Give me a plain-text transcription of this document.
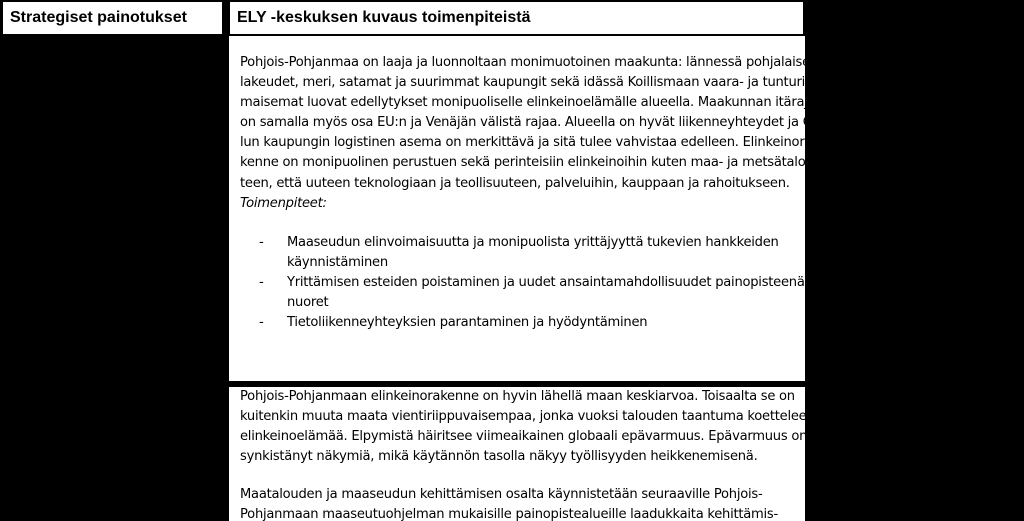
Strategiset painotukset	ELY -keskuksen kuvaus toimenpiteistä
Pohjois-Pohjanmaa on laaja ja luonnoltaan monimuotoinen maakunta: lännessä pohjalaiset
lakeudet, meri, satamat ja suurimmat kaupungit sekä idässä Koillismaan vaara- ja tunturi-
maisemat luovat edellytykset monipuoliselle elinkeinoelämälle alueella. Maakunnan itäraja
on samalla myös osa EU:n ja Venäjän välistä rajaa. Alueella on hyvät liikenneyhteydet ja Ou-
lun kaupungin logistinen asema on merkittävä ja sitä tulee vahvistaa edelleen. Elinkeinora-
kenne on monipuolinen perustuen sekä perinteisiin elinkeinoihin kuten maa- ja metsätalou-
teen, että uuteen teknologiaan ja teollisuuteen, palveluihin, kauppaan ja rahoitukseen.
Toimenpiteet:
- Maaseudun elinvoimaisuutta ja monipuolista yrittäjyyttä tukevien hankkeiden
käynnistäminen
- Yrittämisen esteiden poistaminen ja uudet ansaintamahdollisuudet painopisteenä
nuoret
- Tietoliikenneyhteyksien parantaminen ja hyödyntäminen
Pohjois-Pohjanmaan elinkeinorakenne on hyvin lähellä maan keskiarvoa. Toisaalta se on
kuitenkin muuta maata vientiriippuvaisempaa, jonka vuoksi talouden taantuma koettelee
elinkeinoelämää. Elpymistä häiritsee viimeaikainen globaali epävarmuus. Epävarmuus on
synkistänyt näkymiä, mikä käytännön tasolla näkyy työllisyyden heikkenemisenä.
Maatalouden ja maaseudun kehittämisen osalta käynnistetään seuraaville Pohjois-
Pohjanmaan maaseutuohjelman mukaisille painopistealueille laadukkaita kehittämis-
